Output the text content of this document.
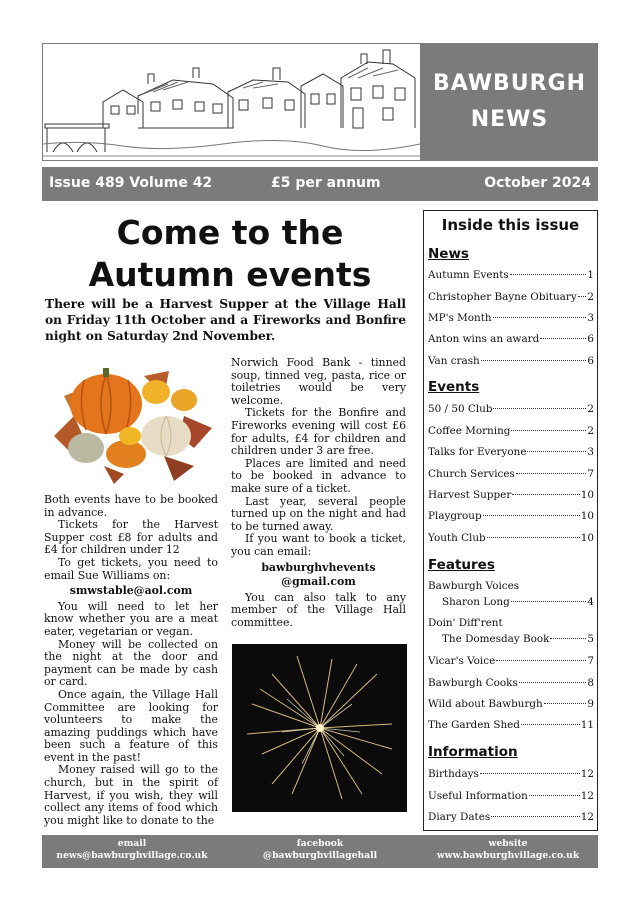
BAWBURGH
NEWS
Issue 489 Volume 42	£5 per annum	October 2024
Come to the
Autumn events
There will be a Harvest Supper at the Village Hall on Friday 11th October and a Fireworks and Bonfire night on Saturday 2nd November.

Both events have to be booked in advance.

Tickets for the Harvest Supper cost £8 for adults and £4 for children under 12

To get tickets, you need to email Sue Williams on:

smwstable@aol.com

You will need to let her know whether you are a meat eater, vegetarian or vegan.

Money will be collected on the night at the door and payment can be made by cash or card.

Once again, the Village Hall Committee are looking for volunteers to make the amazing puddings which have been such a feature of this event in the past!

Money raised will go to the church, but in the spirit of Harvest, if you wish, they will collect any items of food which you might like to donate to the

Norwich Food Bank - tinned soup, tinned veg, pasta, rice or toiletries would be very welcome.

Tickets for the Bonfire and Fireworks evening will cost £6 for adults, £4 for children and children under 3 are free.

Places are limited and need to be booked in advance to make sure of a ticket.

Last year, several people turned up on the night and had to be turned away.

If you want to book a ticket, you can email:

bawburghvhevents

@gmail.com

You can also talk to any member of the Village Hall committee.

Inside this issue
News
Autumn Events	1
Christopher Bayne Obituary 2
MP's Month	3
Anton wins an award	6
Van crash	6
Events
50 / 50 Club	2
Coffee Morning	2
Talks for Everyone	3
Church Services	7
Harvest Supper	10
Playgroup	10
Youth Club	10
Features
Bawburgh Voices
Sharon Long	4
Doin' Diff'rent
The Domesday Book	5
Vicar's Voice	7
Bawburgh Cooks	8
Wild about Bawburgh	9
The Garden Shed	11
Information
Birthdays	12
Useful Information	12
Diary Dates	12
email
news@bawburghvillage.co.uk
facebook
@bawburghvillagehall
website
www.bawburghvillage.co.uk
